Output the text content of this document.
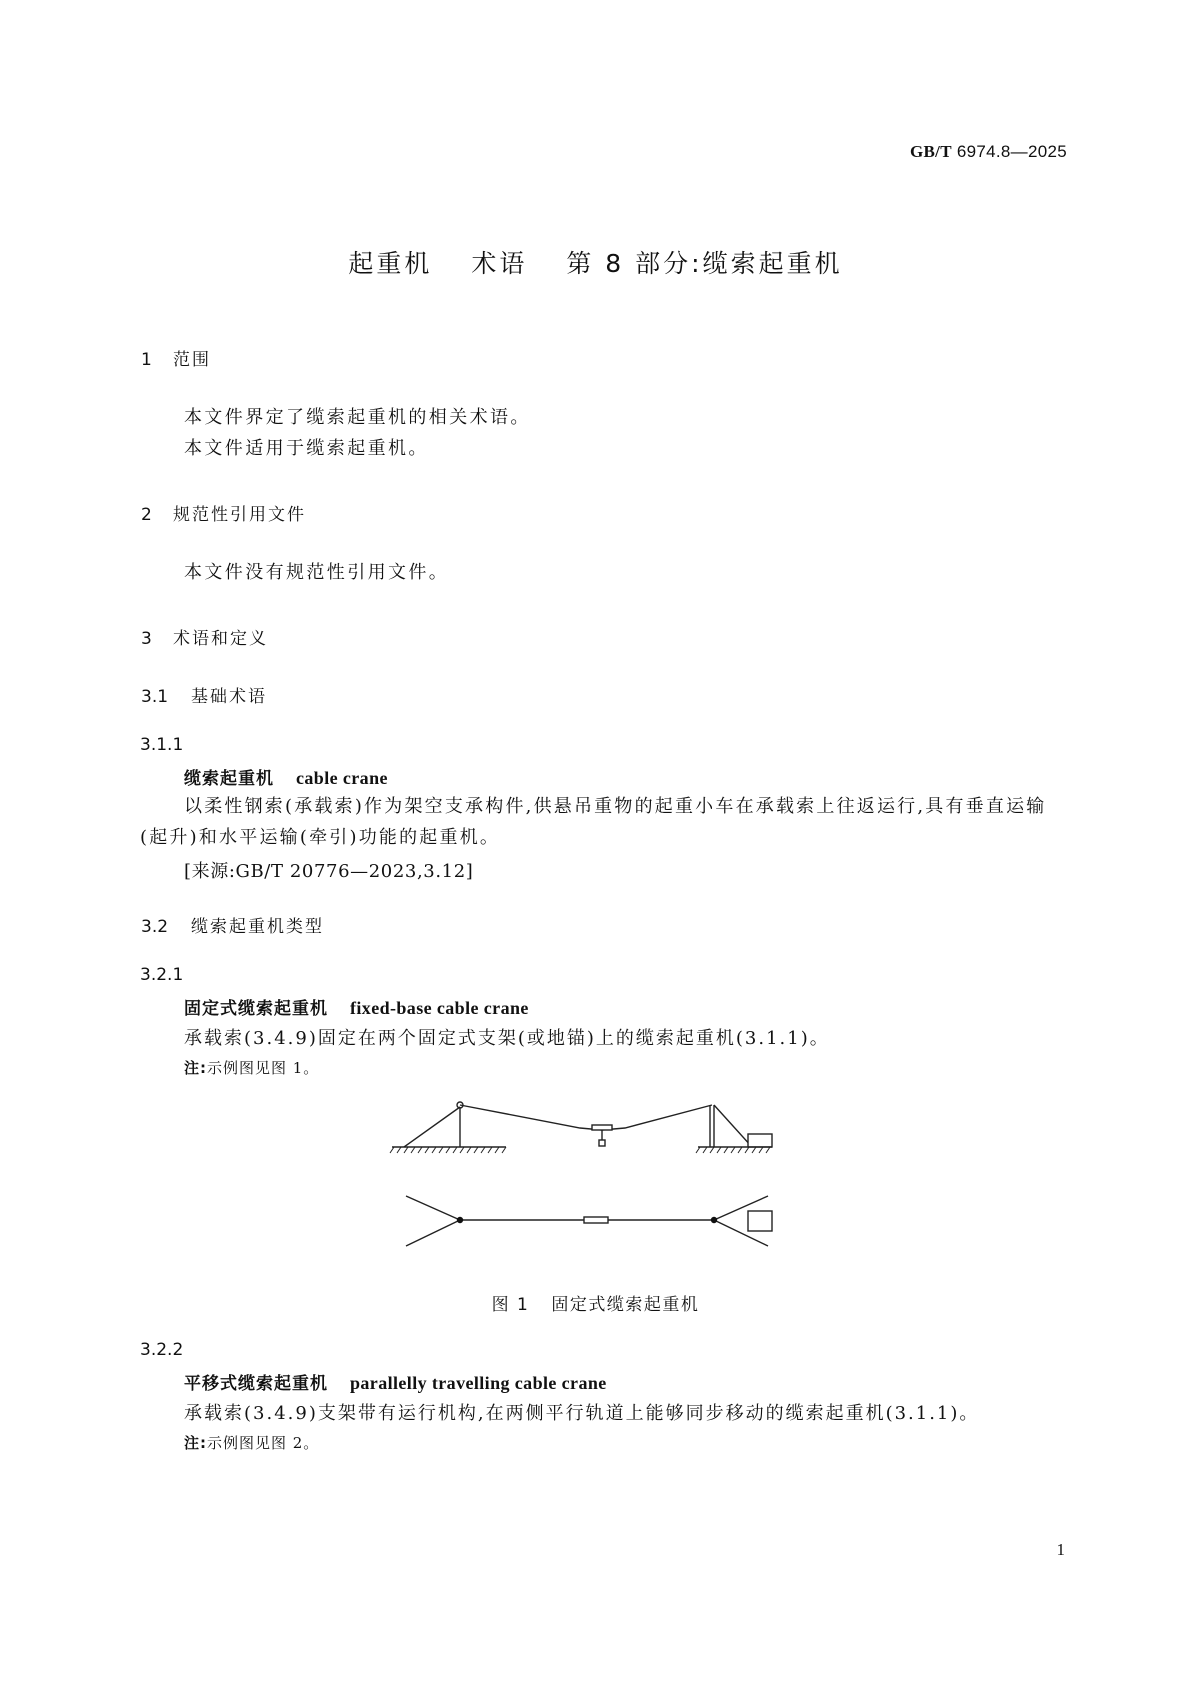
GB/T 6974.8—2025
起重机 术语 第 8 部分:缆索起重机
1 范围
本文件界定了缆索起重机的相关术语。
本文件适用于缆索起重机。
2 规范性引用文件
本文件没有规范性引用文件。
3 术语和定义
3.1 基础术语
3.1.1
缆索起重机 cable crane
以柔性钢索(承载索)作为架空支承构件,供悬吊重物的起重小车在承载索上往返运行,具有垂直运输(起升)和水平运输(牵引)功能的起重机。
[来源:GB/T 20776—2023,3.12]
3.2 缆索起重机类型
3.2.1
固定式缆索起重机 fixed-base cable crane
承载索(3.4.9)固定在两个固定式支架(或地锚)上的缆索起重机(3.1.1)。
注:示例图见图 1。
图 1 固定式缆索起重机
3.2.2
平移式缆索起重机 parallelly travelling cable crane
承载索(3.4.9)支架带有运行机构,在两侧平行轨道上能够同步移动的缆索起重机(3.1.1)。
注:示例图见图 2。
1
